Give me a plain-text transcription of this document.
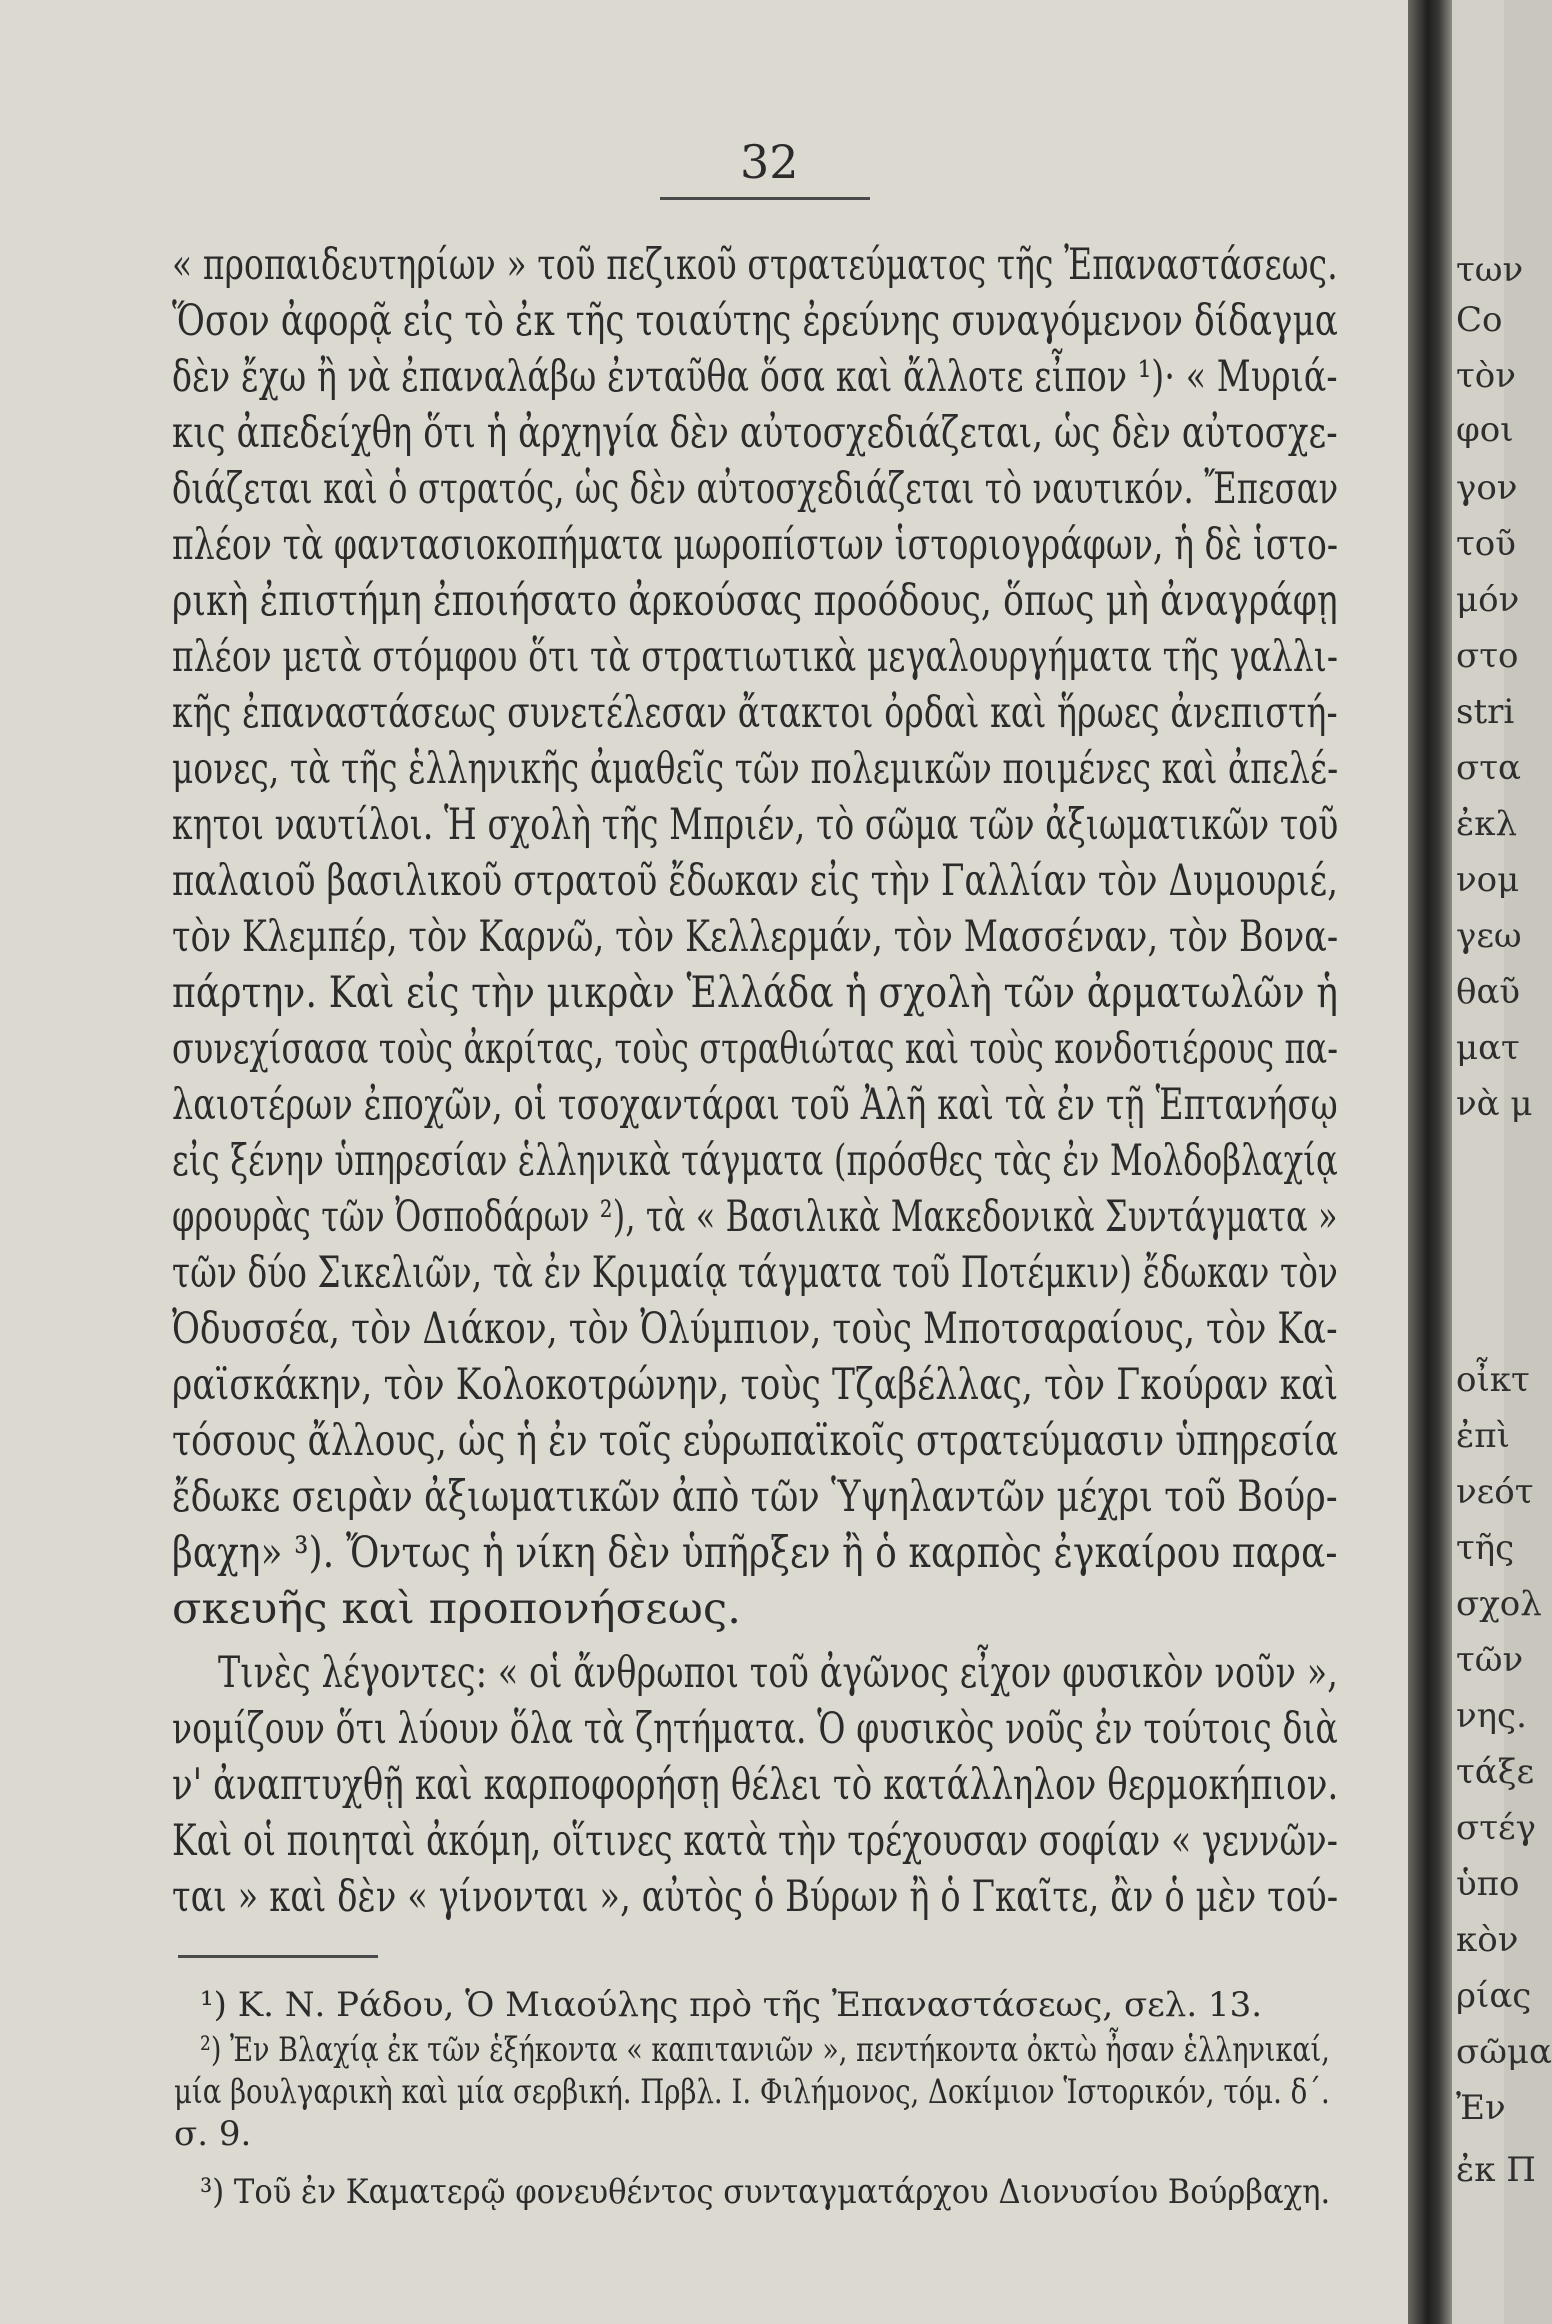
32
« προπαιδευτηρίων » τοῦ πεζικοῦ στρατεύματος τῆς Ἐπαναστάσεως.
Ὅσον ἀφορᾷ εἰς τὸ ἐκ τῆς τοιαύτης ἐρεύνης συναγόμενον δίδαγμα
δὲν ἔχω ἢ νὰ ἐπαναλάβω ἐνταῦθα ὅσα καὶ ἄλλοτε εἶπον ¹)· « Μυριά-
κις ἀπεδείχθη ὅτι ἡ ἀρχηγία δὲν αὐτοσχεδιάζεται, ὡς δὲν αὐτοσχε-
διάζεται καὶ ὁ στρατός, ὡς δὲν αὐτοσχεδιάζεται τὸ ναυτικόν. Ἔπεσαν
πλέον τὰ φαντασιοκοπήματα μωροπίστων ἱστοριογράφων, ἡ δὲ ἱστο-
ρικὴ ἐπιστήμη ἐποιήσατο ἀρκούσας προόδους, ὅπως μὴ ἀναγράφῃ
πλέον μετὰ στόμφου ὅτι τὰ στρατιωτικὰ μεγαλουργήματα τῆς γαλλι-
κῆς ἐπαναστάσεως συνετέλεσαν ἄτακτοι ὀρδαὶ καὶ ἥρωες ἀνεπιστή-
μονες, τὰ τῆς ἑλληνικῆς ἀμαθεῖς τῶν πολεμικῶν ποιμένες καὶ ἀπελέ-
κητοι ναυτίλοι. Ἡ σχολὴ τῆς Μπριέν, τὸ σῶμα τῶν ἀξιωματικῶν τοῦ
παλαιοῦ βασιλικοῦ στρατοῦ ἔδωκαν εἰς τὴν Γαλλίαν τὸν Δυμουριέ,
τὸν Κλεμπέρ, τὸν Καρνῶ, τὸν Κελλερμάν, τὸν Μασσέναν, τὸν Βονα-
πάρτην. Καὶ εἰς τὴν μικρὰν Ἑλλάδα ἡ σχολὴ τῶν ἀρματωλῶν ἡ
συνεχίσασα τοὺς ἀκρίτας, τοὺς στραθιώτας καὶ τοὺς κονδοτιέρους πα-
λαιοτέρων ἐποχῶν, οἱ τσοχαντάραι τοῦ Ἀλῆ καὶ τὰ ἐν τῇ Ἑπτανήσῳ
εἰς ξένην ὑπηρεσίαν ἑλληνικὰ τάγματα (πρόσθες τὰς ἐν Μολδοβλαχίᾳ
φρουρὰς τῶν Ὀσποδάρων ²), τὰ « Βασιλικὰ Μακεδονικὰ Συντάγματα »
τῶν δύο Σικελιῶν, τὰ ἐν Κριμαίᾳ τάγματα τοῦ Ποτέμκιν) ἔδωκαν τὸν
Ὀδυσσέα, τὸν Διάκον, τὸν Ὀλύμπιον, τοὺς Μποτσαραίους, τὸν Κα-
ραϊσκάκην, τὸν Κολοκοτρώνην, τοὺς Τζαβέλλας, τὸν Γκούραν καὶ
τόσους ἄλλους, ὡς ἡ ἐν τοῖς εὐρωπαϊκοῖς στρατεύμασιν ὑπηρεσία
ἔδωκε σειρὰν ἀξιωματικῶν ἀπὸ τῶν Ὑψηλαντῶν μέχρι τοῦ Βούρ-
βαχη» ³). Ὄντως ἡ νίκη δὲν ὑπῆρξεν ἢ ὁ καρπὸς ἐγκαίρου παρα-
σκευῆς καὶ προπονήσεως.
Τινὲς λέγοντες: « οἱ ἄνθρωποι τοῦ ἀγῶνος εἶχον φυσικὸν νοῦν »,
νομίζουν ὅτι λύουν ὅλα τὰ ζητήματα. Ὁ φυσικὸς νοῦς ἐν τούτοις διὰ
ν' ἀναπτυχθῇ καὶ καρποφορήσῃ θέλει τὸ κατάλληλον θερμοκήπιον.
Καὶ οἱ ποιηταὶ ἀκόμη, οἵτινες κατὰ τὴν τρέχουσαν σοφίαν « γεννῶν-
ται » καὶ δὲν « γίνονται », αὐτὸς ὁ Βύρων ἢ ὁ Γκαῖτε, ἂν ὁ μὲν τού-
¹) Κ. Ν. Ράδου, Ὁ Μιαούλης πρὸ τῆς Ἐπαναστάσεως, σελ. 13.
²) Ἐν Βλαχίᾳ ἐκ τῶν ἑξήκοντα « καπιτανιῶν », πεντήκοντα ὀκτὼ ἦσαν ἑλληνικαί,
μία βουλγαρικὴ καὶ μία σερβική. Πρβλ. Ι. Φιλήμονος, Δοκίμιον Ἱστορικόν, τόμ. δ΄.
σ. 9.
³) Τοῦ ἐν Καματερῷ φονευθέντος συνταγματάρχου Διονυσίου Βούρβαχη.
των
Co
τὸν
φοι
γον
τοῦ
μόν
στο
stri
στα
ἐκλ
νομ
γεω
θαῦ
ματ
νὰ μ
οἶκτ
ἐπὶ
νεότ
τῆς
σχολ
τῶν
νης.
τάξε
στέγ
ὑπο
κὸν
ρίας
σῶμα
Ἐν
ἐκ Π
